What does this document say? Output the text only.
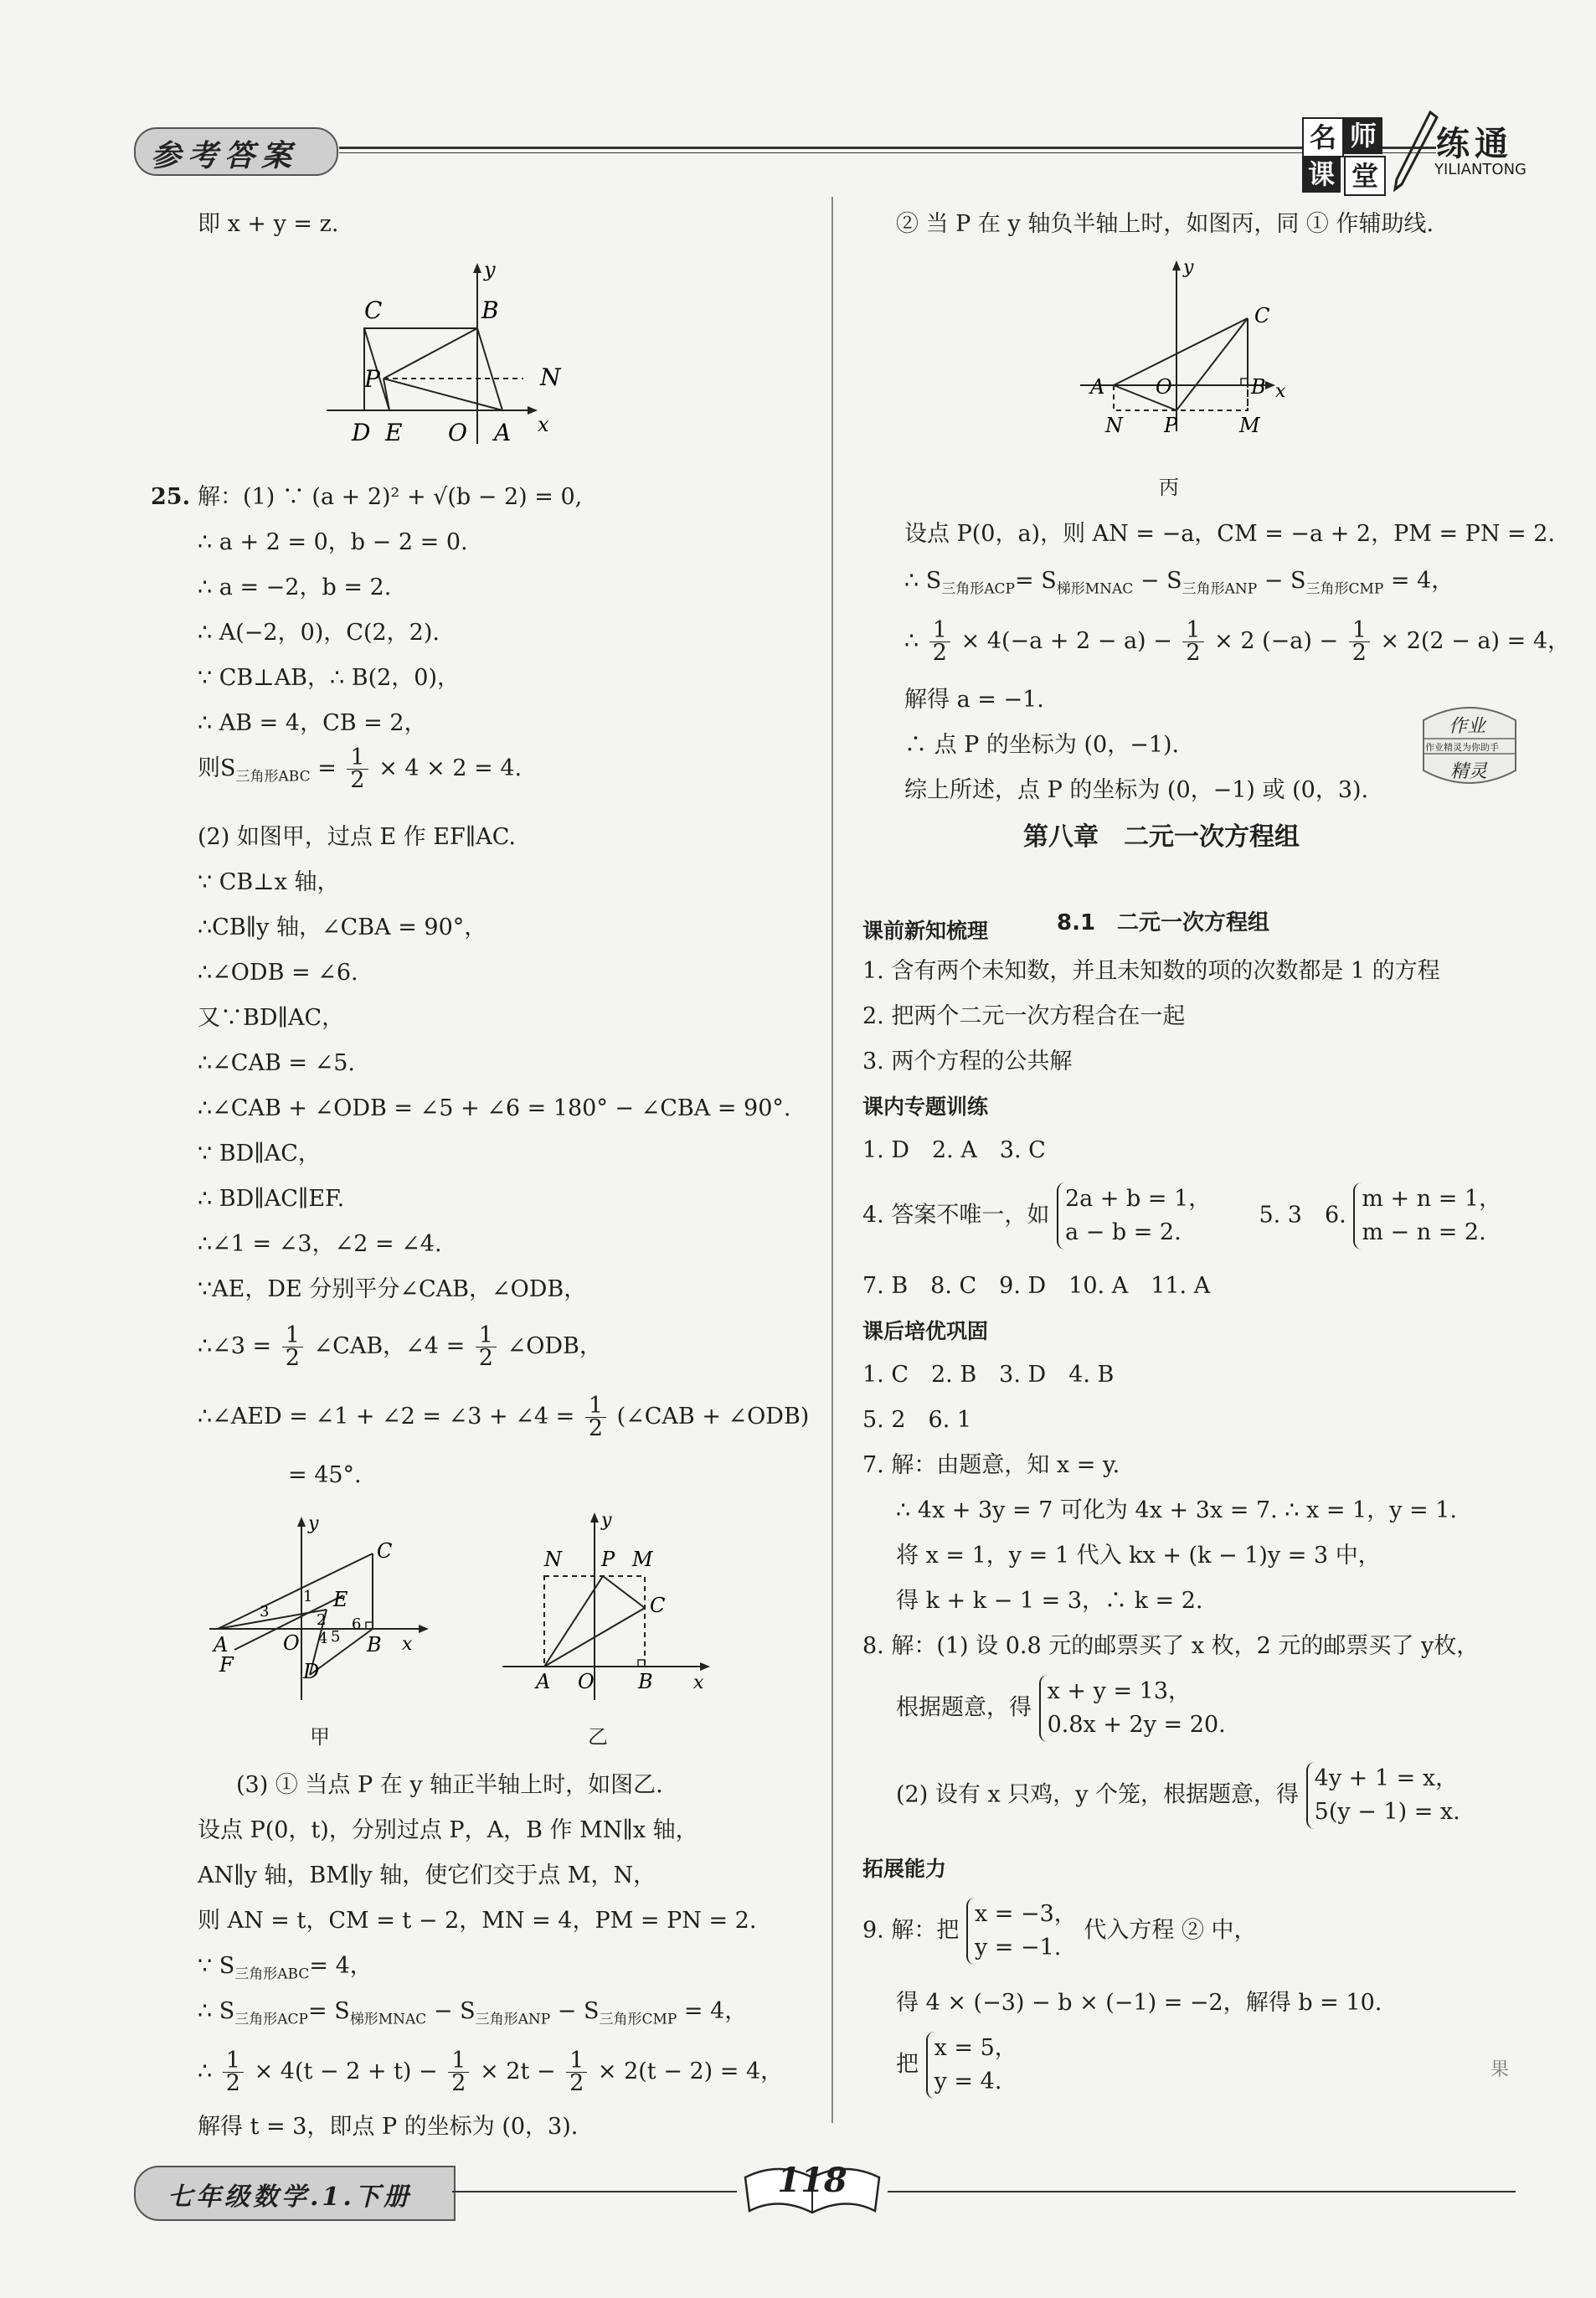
参考答案
名 师
课 堂
练通
YILIANTONG
即 x + y = z.
C	B
y
N
P
D E O A x
25. 解：(1) ∵ (a + 2)² + √(b − 2) = 0,
∴ a + 2 = 0，b − 2 = 0.
∴ a = −2，b = 2.
∴ A(−2，0)，C(2，2).
∵ CB⊥AB，∴ B(2，0)，
∴ AB = 4，CB = 2，
则$S_{三角形ABC} = \frac{1}{2} \times 4 \times 2 = 4$.
(2) 如图甲，过点 E 作 EF∥AC.
∵ CB⊥x 轴，
∴CB∥y 轴，∠CBA = 90°，
∴∠ODB = ∠6.
又∵BD∥AC，
∴∠CAB = ∠5.
∴∠CAB + ∠ODB = ∠5 + ∠6 = 180° − ∠CBA = 90°.
∵ BD∥AC，
∴ BD∥AC∥EF.
∴∠1 = ∠3，∠2 = ∠4.
∵AE，DE 分别平分∠CAB，∠ODB，
∴∠3 = $\frac{1}{2}$ ∠CAB，∠4 = $\frac{1}{2}$ ∠ODB，
∴∠AED = ∠1 + ∠2 = ∠3 + ∠4 = $\frac{1}{2}$ (∠CAB + ∠ODB)
= 45°.
y
C
3
1 E
2
4 5
6
A	O	B x
F	D
甲
y
N P M
C
A O B x
乙
(3) ① 当点 P 在 y 轴正半轴上时，如图乙.
设点 P(0，t)，分别过点 P，A，B 作 MN∥x 轴，
AN∥y 轴，BM∥y 轴，使它们交于点 M，N，
则 AN = t，CM = t − 2，MN = 4，PM = PN = 2.
∵ $S_{三角形ABC}= 4$，
∴ $S_{三角形ACP}= S_{梯形MNAC} - S_{三角形ANP} - S_{三角形CMP} = 4$，
∴ $\frac{1}{2} \times 4(t - 2 + t) - \frac{1}{2} \times 2t - \frac{1}{2} \times 2(t - 2) = 4$，
解得 t = 3，即点 P 的坐标为 (0，3).
② 当 P 在 y 轴负半轴上时，如图丙，同 ① 作辅助线.
y
C
A	O	B x
N P	M
丙
设点 P(0，a)，则 AN = −a，CM = −a + 2，PM = PN = 2.
∴ $S_{三角形ACP}= S_{梯形MNAC} - S_{三角形ANP} - S_{三角形CMP} = 4$，
∴ $\frac{1}{2} \times 4(-a + 2 - a) - \frac{1}{2} \times 2$ $(-a) - \frac{1}{2} \times 2(2 - a) = 4$，
解得 a = −1.
∴ 点 P 的坐标为 (0，−1).
综上所述，点 P 的坐标为 (0，−1) 或 (0，3).
作业
作业精灵为你助手
精灵
第八章　二元一次方程组
8.1　二元一次方程组
课前新知梳理
1. 含有两个未知数，并且未知数的项的次数都是 1 的方程
2. 把两个二元一次方程合在一起
3. 两个方程的公共解
课内专题训练
1. D　2. A　3. C
4. 答案不唯一，如
2a + b = 1，
a − b = 2.
5. 3　6.
m + n = 1，
m − n = 2.
7. B　8. C　9. D　10. A　11. A
课后培优巩固
1. C　2. B　3. D　4. B
5. 2　6. 1
7. 解：由题意，知 x = y.
∴ 4x + 3y = 7 可化为 4x + 3x = 7. ∴ x = 1，y = 1.
将 x = 1，y = 1 代入 kx + (k − 1)y = 3 中，
得 k + k − 1 = 3，∴ k = 2.
8. 解：(1) 设 0.8 元的邮票买了 x 枚，2 元的邮票买了 y枚，
根据题意，得
x + y = 13，
0.8x + 2y = 20.
(2) 设有 x 只鸡，y 个笼，根据题意，得
4y + 1 = x，
5(y − 1) = x.
拓展能力
9. 解：把
x = −3，
y = −1.
代入方程 ② 中，
得 4 × (−3) − b × (−1) = −2，解得 b = 10.
把
x = 5，
y = 4.	果
七年级数学.1.下册	118
